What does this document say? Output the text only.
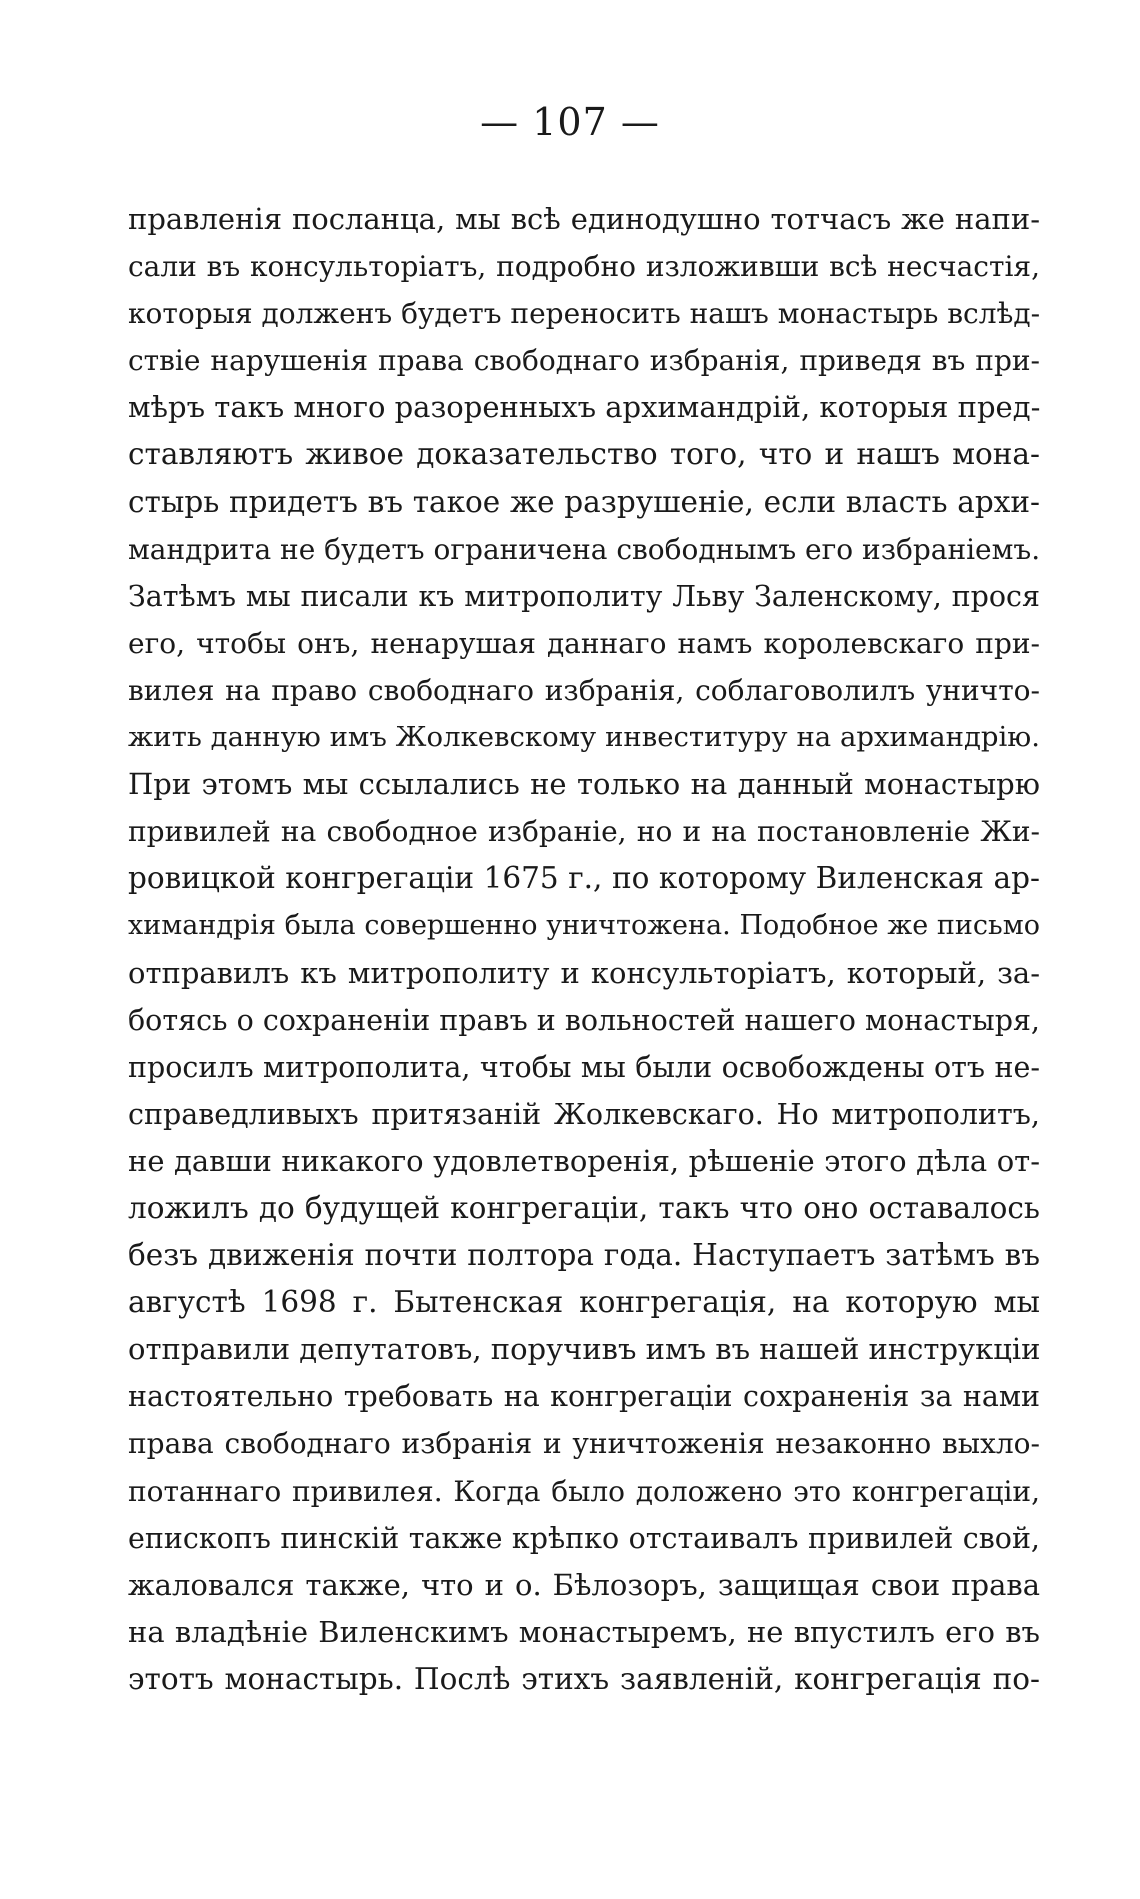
— 107 —
правленія посланца, мы всѣ единодушно тотчасъ же напи-
сали въ консульторіатъ, подробно изложивши всѣ несчастія,
которыя долженъ будетъ переносить нашъ монастырь вслѣд-
ствіе нарушенія права свободнаго избранія, приведя въ при-
мѣръ такъ много разоренныхъ архимандрій, которыя пред-
ставляютъ живое доказательство того, что и нашъ мона-
стырь придетъ въ такое же разрушеніе, если власть архи-
мандрита не будетъ ограничена свободнымъ его избраніемъ.
Затѣмъ мы писали къ митрополиту Льву Заленскому, прося
его, чтобы онъ, ненарушая даннаго намъ королевскаго при-
вилея на право свободнаго избранія, соблаговолилъ уничто-
жить данную имъ Жолкевскому инвеституру на архимандрію.
При этомъ мы ссылались не только на данный монастырю
привилей на свободное избраніе, но и на постановленіе Жи-
ровицкой конгрегаціи 1675 г., по которому Виленская ар-
химандрія была совершенно уничтожена. Подобное же письмо
отправилъ къ митрополиту и консульторіатъ, который, за-
ботясь о сохраненіи правъ и вольностей нашего монастыря,
просилъ митрополита, чтобы мы были освобождены отъ не-
справедливыхъ притязаній Жолкевскаго. Но митрополитъ,
не давши никакого удовлетворенія, рѣшеніе этого дѣла от-
ложилъ до будущей конгрегаціи, такъ что оно оставалось
безъ движенія почти полтора года. Наступаетъ затѣмъ въ
августѣ 1698 г. Бытенская конгрегація, на которую мы
отправили депутатовъ, поручивъ имъ въ нашей инструкціи
настоятельно требовать на конгрегаціи сохраненія за нами
права свободнаго избранія и уничтоженія незаконно выхло-
потаннаго привилея. Когда было доложено это конгрегаціи,
епископъ пинскій также крѣпко отстаивалъ привилей свой,
жаловался также, что и о. Бѣлозоръ, защищая свои права
на владѣніе Виленскимъ монастыремъ, не впустилъ его въ
этотъ монастырь. Послѣ этихъ заявленій, конгрегація по-
